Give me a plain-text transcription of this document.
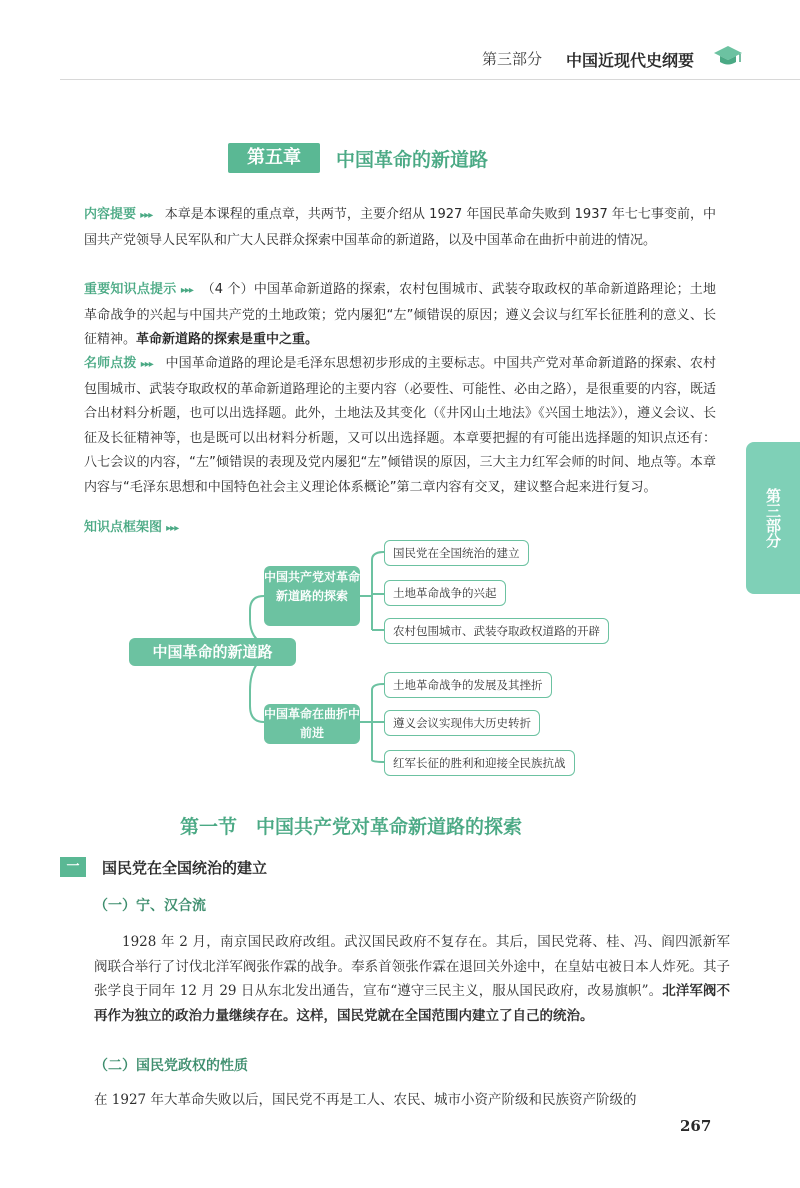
第三部分 中国近现代史纲要
第三部分
第五章	中国革命的新道路
内容提要 ▸▸▸ 本章是本课程的重点章，共两节，主要介绍从 1927 年国民革命失败到 1937 年七七事变前，中国共产党领导人民军队和广大人民群众探索中国革命的新道路，以及中国革命在曲折中前进的情况。
重要知识点提示 ▸▸▸ （4 个）中国革命新道路的探索，农村包围城市、武装夺取政权的革命新道路理论；土地革命战争的兴起与中国共产党的土地政策；党内屡犯“左”倾错误的原因；遵义会议与红军长征胜利的意义、长征精神。革命新道路的探索是重中之重。
名师点拨 ▸▸▸ 中国革命道路的理论是毛泽东思想初步形成的主要标志。中国共产党对革命新道路的探索、农村包围城市、武装夺取政权的革命新道路理论的主要内容（必要性、可能性、必由之路），是很重要的内容，既适合出材料分析题，也可以出选择题。此外，土地法及其变化（《井冈山土地法》《兴国土地法》），遵义会议、长征及长征精神等，也是既可以出材料分析题，又可以出选择题。本章要把握的有可能出选择题的知识点还有：八七会议的内容，“左”倾错误的表现及党内屡犯“左”倾错误的原因，三大主力红军会师的时间、地点等。本章内容与“毛泽东思想和中国特色社会主义理论体系概论”第二章内容有交叉，建议整合起来进行复习。
知识点框架图 ▸▸▸
中国革命的新道路
中国共产党对革命新道路的探索
中国革命在曲折中前进
国民党在全国统治的建立
土地革命战争的兴起
农村包围城市、武装夺取政权道路的开辟
土地革命战争的发展及其挫折
遵义会议实现伟大历史转折
红军长征的胜利和迎接全民族抗战
第一节　中国共产党对革命新道路的探索
一	国民党在全国统治的建立
（一）宁、汉合流
1928 年 2 月，南京国民政府改组。武汉国民政府不复存在。其后，国民党蒋、桂、冯、阎四派新军阀联合举行了讨伐北洋军阀张作霖的战争。奉系首领张作霖在退回关外途中，在皇姑屯被日本人炸死。其子张学良于同年 12 月 29 日从东北发出通告，宣布“遵守三民主义，服从国民政府，改易旗帜”。北洋军阀不再作为独立的政治力量继续存在。这样，国民党就在全国范围内建立了自己的统治。
（二）国民党政权的性质
在 1927 年大革命失败以后，国民党不再是工人、农民、城市小资产阶级和民族资产阶级的
267
